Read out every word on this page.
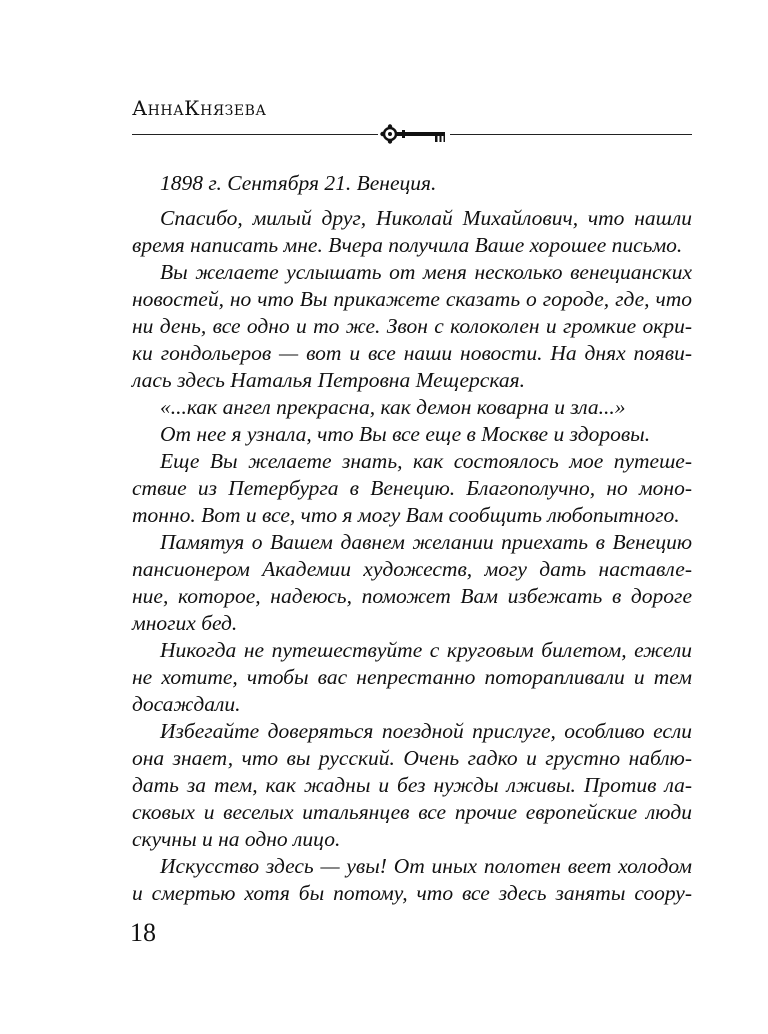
АннаКнязева
1898 г. Сентября 21. Венеция.
Спасибо, милый друг, Николай Михайлович, что нашли
время написать мне. Вчера получила Ваше хорошее письмо.
Вы желаете услышать от меня несколько венецианских
новостей, но что Вы прикажете сказать о городе, где, что
ни день, все одно и то же. Звон с колоколен и громкие окри-
ки гондольеров — вот и все наши новости. На днях появи-
лась здесь Наталья Петровна Мещерская.
«...как ангел прекрасна, как демон коварна и зла...»
От нее я узнала, что Вы все еще в Москве и здоровы.
Еще Вы желаете знать, как состоялось мое путеше-
ствие из Петербурга в Венецию. Благополучно, но моно-
тонно. Вот и все, что я могу Вам сообщить любопытного.
Памятуя о Вашем давнем желании приехать в Венецию
пансионером Академии художеств, могу дать наставле-
ние, которое, надеюсь, поможет Вам избежать в дороге
многих бед.
Никогда не путешествуйте с круговым билетом, ежели
не хотите, чтобы вас непрестанно поторапливали и тем
досаждали.
Избегайте доверяться поездной прислуге, особливо если
она знает, что вы русский. Очень гадко и грустно наблю-
дать за тем, как жадны и без нужды лживы. Против ла-
сковых и веселых итальянцев все прочие европейские люди
скучны и на одно лицо.
Искусство здесь — увы! От иных полотен веет холодом
и смертью хотя бы потому, что все здесь заняты соору-
18
